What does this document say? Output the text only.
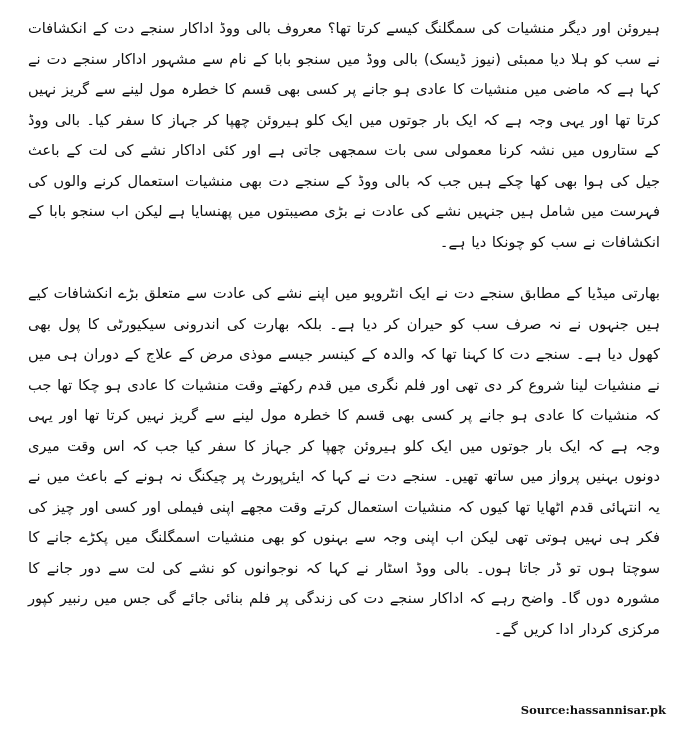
ہیروئن اور دیگر منشیات کی سمگلنگ کیسے کرتا تھا؟ معروف بالی ووڈ اداکار سنجے دت کے انکشافات نے سب کو ہلا دیا ممبئی (نیوز ڈیسک) بالی ووڈ میں سنجو بابا کے نام سے مشہور اداکار سنجے دت نے کہا ہے کہ ماضی میں منشیات کا عادی ہو جانے پر کسی بھی قسم کا خطرہ مول لینے سے گریز نہیں کرتا تھا اور یہی وجہ ہے کہ ایک بار جوتوں میں ایک کلو ہیروئن چھپا کر جہاز کا سفر کیا۔ بالی ووڈ کے ستاروں میں نشہ کرنا معمولی سی بات سمجھی جاتی ہے اور کئی اداکار نشے کی لت کے باعث جیل کی ہوا بھی کھا چکے ہیں جب کہ بالی ووڈ کے سنجے دت بھی منشیات استعمال کرنے والوں کی فہرست میں شامل ہیں جنہیں نشے کی عادت نے بڑی مصیبتوں میں پھنسایا ہے لیکن اب سنجو بابا کے انکشافات نے سب کو چونکا دیا ہے۔

بھارتی میڈیا کے مطابق سنجے دت نے ایک انٹرویو میں اپنے نشے کی عادت سے متعلق بڑے انکشافات کیے ہیں جنہوں نے نہ صرف سب کو حیران کر دیا ہے۔ بلکہ بھارت کی اندرونی سیکیورٹی کا پول بھی کھول دیا ہے۔ سنجے دت کا کہنا تھا کہ والدہ کے کینسر جیسے موذی مرض کے علاج کے دوران ہی میں نے منشیات لینا شروع کر دی تھی اور فلم نگری میں قدم رکھتے وقت منشیات کا عادی ہو چکا تھا جب کہ منشیات کا عادی ہو جانے پر کسی بھی قسم کا خطرہ مول لینے سے گریز نہیں کرتا تھا اور یہی وجہ ہے کہ ایک بار جوتوں میں ایک کلو ہیروئن چھپا کر جہاز کا سفر کیا جب کہ اس وقت میری دونوں بہنیں پرواز میں ساتھ تھیں۔ سنجے دت نے کہا کہ ایئرپورٹ پر چیکنگ نہ ہونے کے باعث میں نے یہ انتہائی قدم اٹھایا تھا کیوں کہ منشیات استعمال کرتے وقت مجھے اپنی فیملی اور کسی اور چیز کی فکر ہی نہیں ہوتی تھی لیکن اب اپنی وجہ سے بہنوں کو بھی منشیات اسمگلنگ میں پکڑے جانے کا سوچتا ہوں تو ڈر جاتا ہوں۔ بالی ووڈ اسٹار نے کہا کہ نوجوانوں کو نشے کی لت سے دور جانے کا مشورہ دوں گا۔ واضح رہے کہ اداکار سنجے دت کی زندگی پر فلم بنائی جائے گی جس میں رنبیر کپور مرکزی کردار ادا کریں گے۔

Source:hassannisar.pk
